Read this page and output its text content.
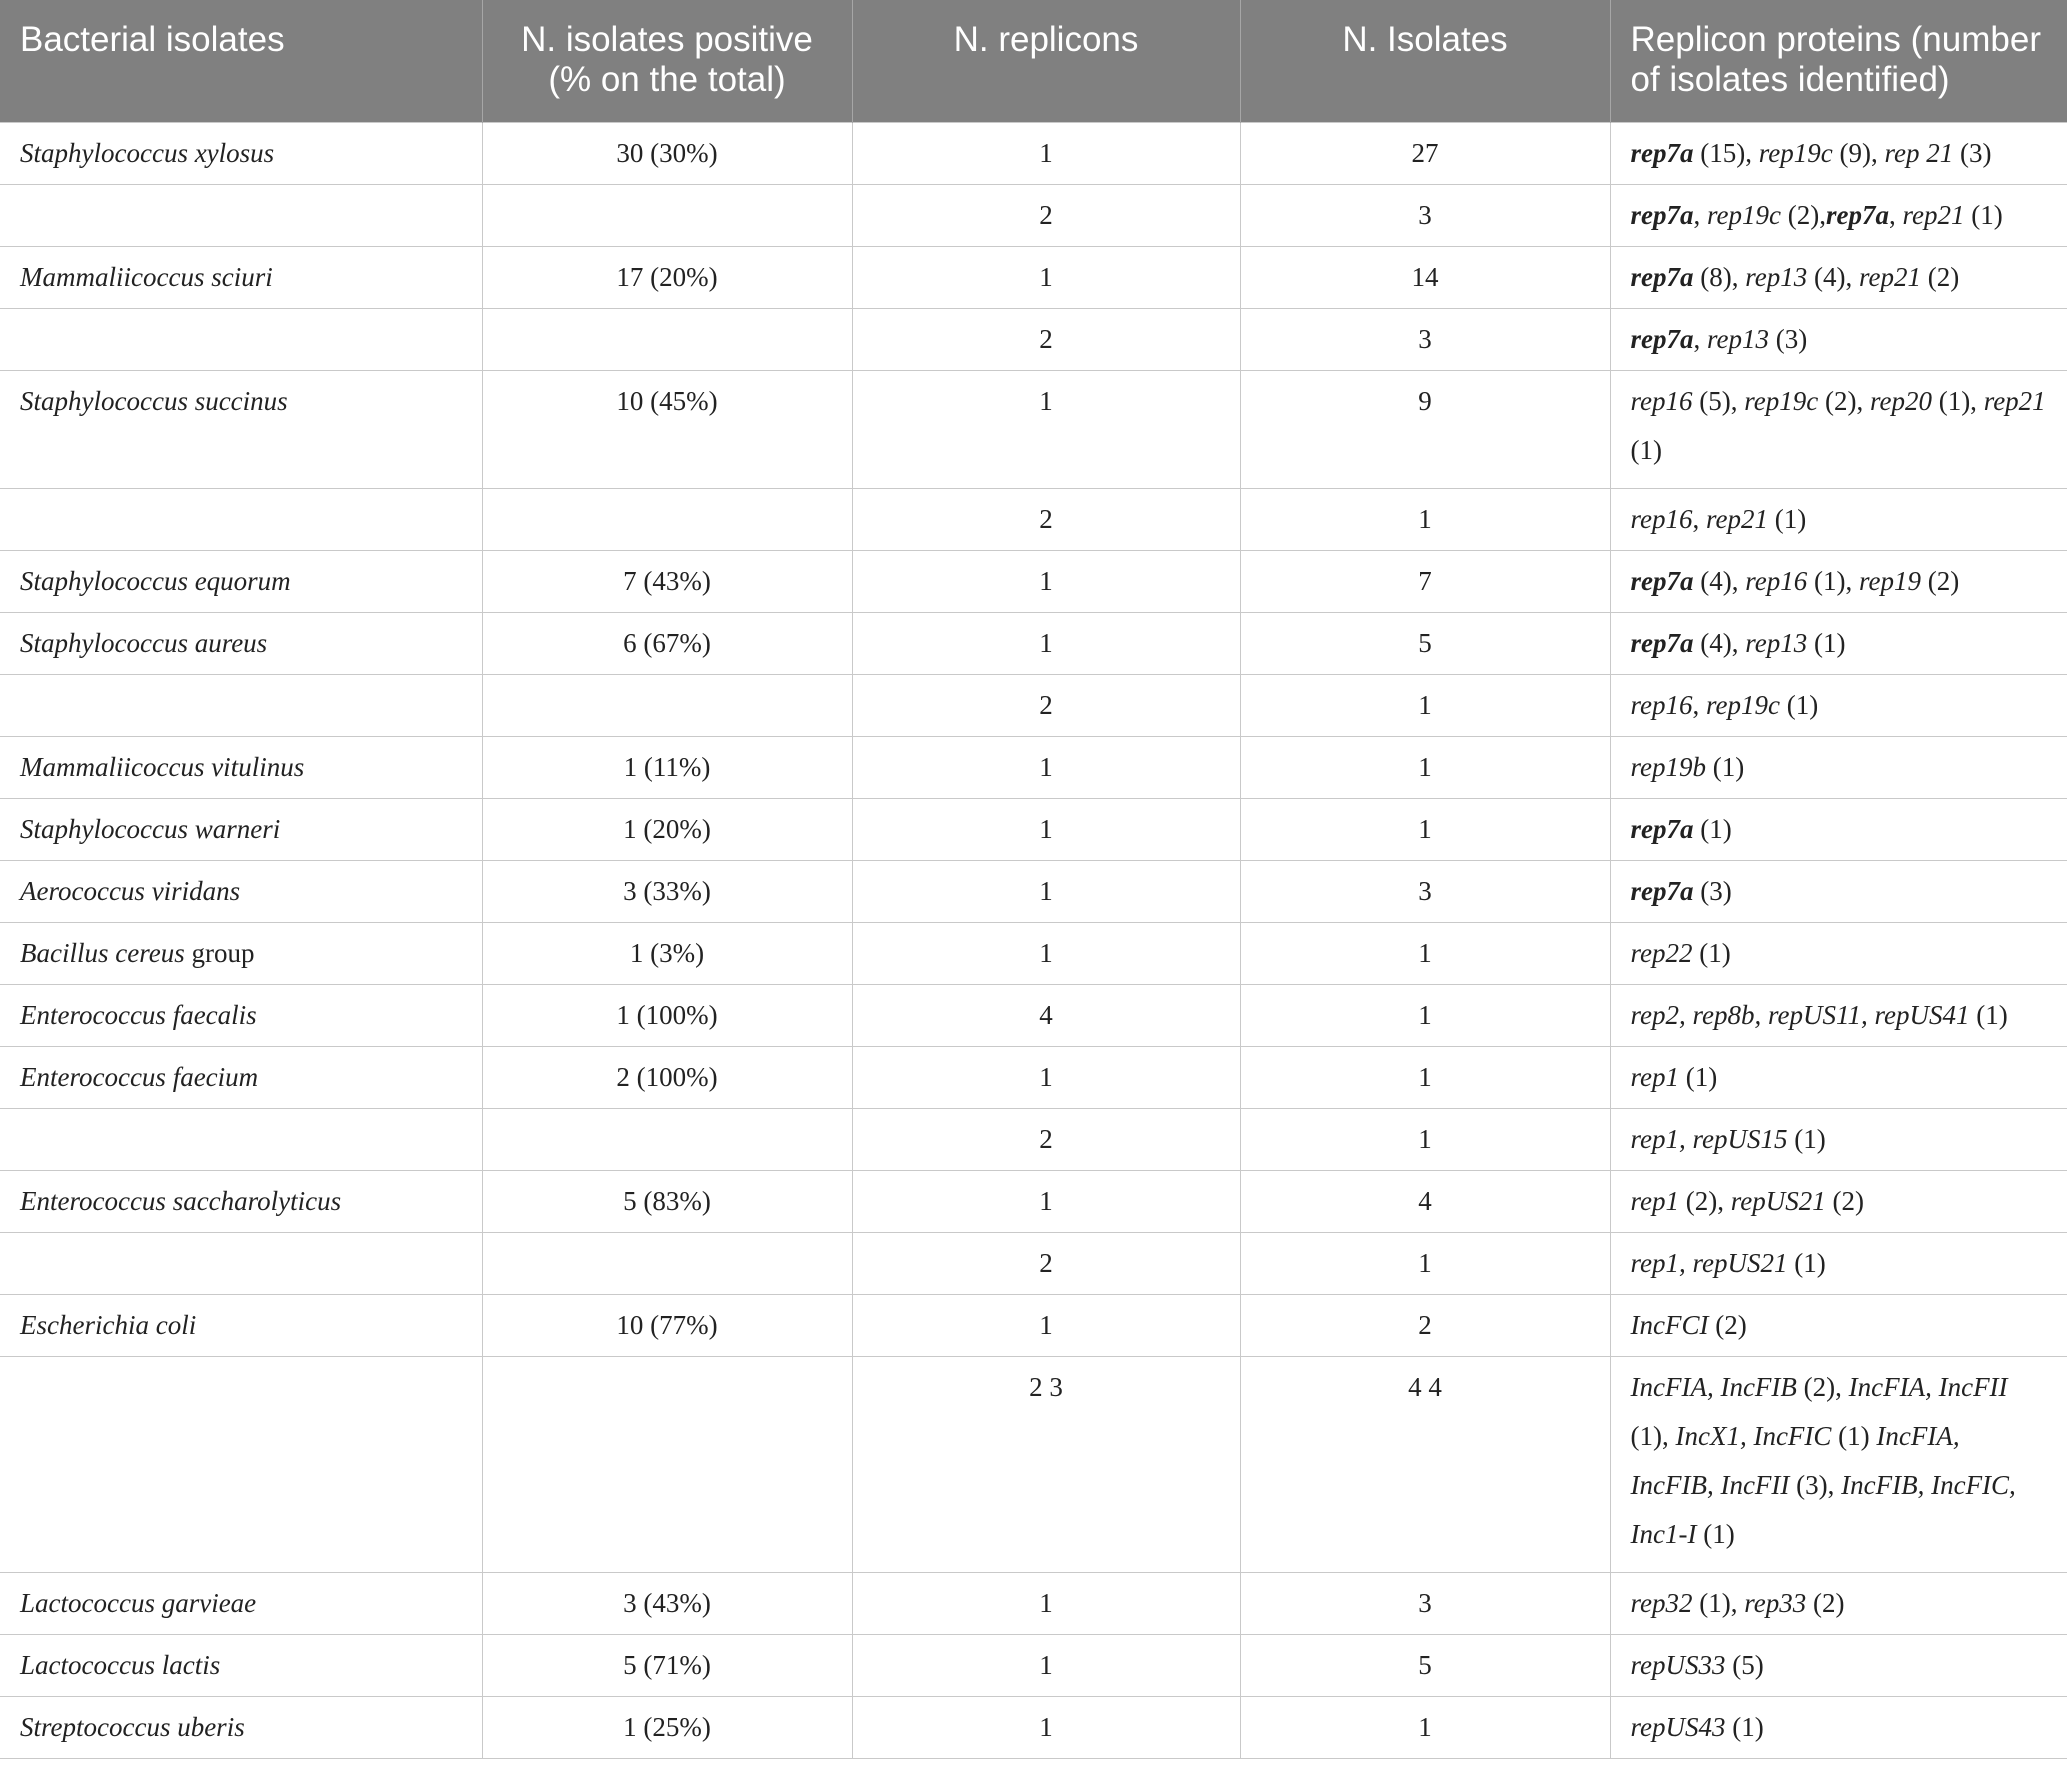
Bacterial isolates	N. isolates positive (% on the total)	N. replicons	N. Isolates	Replicon proteins (number of isolates identified)
Staphylococcus xylosus	30 (30%)	1	27	rep7a (15), rep19c (9), rep 21 (3)
		2	3	rep7a, rep19c (2),rep7a, rep21 (1)
Mammaliicoccus sciuri	17 (20%)	1	14	rep7a (8), rep13 (4), rep21 (2)
		2	3	rep7a, rep13 (3)
Staphylococcus succinus	10 (45%)	1	9	rep16 (5), rep19c (2), rep20 (1), rep21 (1)
		2	1	rep16, rep21 (1)
Staphylococcus equorum	7 (43%)	1	7	rep7a (4), rep16 (1), rep19 (2)
Staphylococcus aureus	6 (67%)	1	5	rep7a (4), rep13 (1)
		2	1	rep16, rep19c (1)
Mammaliicoccus vitulinus	1 (11%)	1	1	rep19b (1)
Staphylococcus warneri	1 (20%)	1	1	rep7a (1)
Aerococcus viridans	3 (33%)	1	3	rep7a (3)
Bacillus cereus group	1 (3%)	1	1	rep22 (1)
Enterococcus faecalis	1 (100%)	4	1	rep2, rep8b, repUS11, repUS41 (1)
Enterococcus faecium	2 (100%)	1	1	rep1 (1)
		2	1	rep1, repUS15 (1)
Enterococcus saccharolyticus	5 (83%)	1	4	rep1 (2), repUS21 (2)
		2	1	rep1, repUS21 (1)
Escherichia coli	10 (77%)	1	2	IncFCI (2)
		2 3	4 4	IncFIA, IncFIB (2), IncFIA, IncFII (1), IncX1, IncFIC (1) IncFIA, IncFIB, IncFII (3), IncFIB, IncFIC, Inc1-I (1)
Lactococcus garvieae	3 (43%)	1	3	rep32 (1), rep33 (2)
Lactococcus lactis	5 (71%)	1	5	repUS33 (5)
Streptococcus uberis	1 (25%)	1	1	repUS43 (1)
